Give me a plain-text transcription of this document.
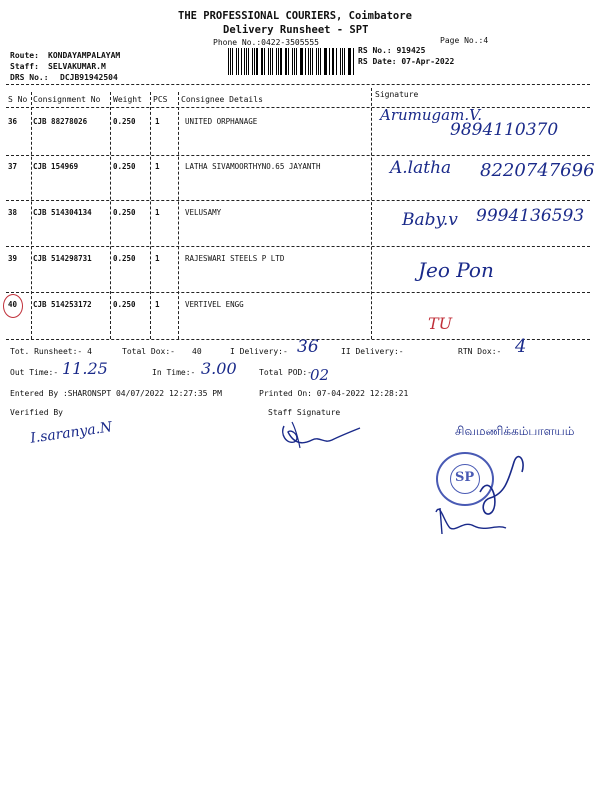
THE PROFESSIONAL COURIERS, Coimbatore
Delivery Runsheet - SPT
Phone No.:0422-3505555	Page No.:4
Route: KONDAYAMPALAYAM
Staff: SELVAKUMAR.M
DRS No.: DCJB91942504
RS No.: 919425
RS Date: 07-Apr-2022
S No Consignment No Weight PCS Consignee Details
Signature
36 CJB 88278026	0.250	1	UNITED ORPHANAGE	Arumugam.V.
9894110370
37 CJB 154969	0.250	1	LATHA SIVAMOORTHYNO.65 JAYANTH	A.latha 8220747696
38 CJB 514304134	0.250	1	VELUSAMY	Baby.v 9994136593
39 CJB 514298731	0.250	1	RAJESWARI STEELS P LTD	Jeo Pon
40 CJB 514253172	0.250	1	VERTIVEL ENGG
TU
Tot. Runsheet:- 4	Total Dox:- 40	I Delivery:- 36	II Delivery:-	RTN Dox:- 4
Out Time:- 11.25	In Time:- 3.00	Total POD:-
02
Entered By :SHARONSPT 04/07/2022 12:27:35 PM	Printed On: 07-04-2022 12:28:21
Verified By	Staff Signature
I.saranya.N	சிவமணிக்கம்பாளயம்
SP
